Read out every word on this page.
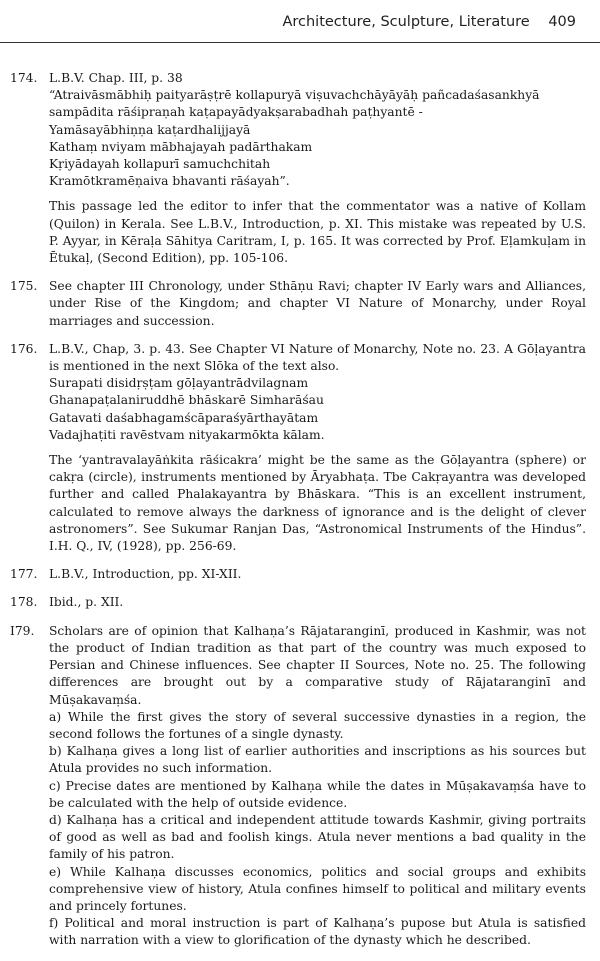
Architecture, Sculpture, Literature 409
174. L.B.V. Chap. III, p. 38
“Atraivāsmābhiḥ paityarāṣṭrē kollapuryā viṣuvachchāyāyāḥ pañcadaśasankhyā
sampādita rāśipraṇah kaṭapayādyakṣarabadhah paṭhyantē -
Yamāsayābhiṇṇa kaṭardhalijjayā
Kathaṃ nviyam mābhajayah padārthakam
Kṛiyādayah kollapurī samuchchitah
Kramōtkramēṇaiva bhavanti rāśayah”.

This passage led the editor to infer that the commentator was a native of Kollam (Quilon) in Kerala. See L.B.V., Introduction, p. XI. This mistake was repeated by U.S. P. Ayyar, in Kēraḷa Sāhitya Caritram, I, p. 165. It was corrected by Prof. Eḷamkuḷam in Ētukaḷ, (Second Edition), pp. 105-106.

175. See chapter III Chronology, under Sthāṇu Ravi; chapter IV Early wars and Alliances, under Rise of the Kingdom; and chapter VI Nature of Monarchy, under Royal marriages and succession.

176. L.B.V., Chap, 3. p. 43. See Chapter VI Nature of Monarchy, Note no. 23. A Gōḷayantra is mentioned in the next Slōka of the text also.

Surapati disidṛṣṭam gōḷayantrādvilagnam
Ghanapaṭalaniruddhē bhāskarē Simharāśau
Gatavati daśabhagamścāparaśyārthayātam
Vadajhaṭiti ravēstvam nityakarmōkta kālam.

The ‘yantravalayāṅkita rāśicakra’ might be the same as the Gōḷayantra (sphere) or cakṛa (circle), instruments mentioned by Āryabhaṭa. Tbe Cakṛayantra was developed further and called Phalakayantra by Bhāskara. “This is an excellent instrument, calculated to remove always the darkness of ignorance and is the delight of clever astronomers”. See Sukumar Ranjan Das, “Astronomical Instruments of the Hindus”. I.H. Q., IV, (1928), pp. 256-69.

177. L.B.V., Introduction, pp. XI-XII.

178. Ibid., p. XII.

I79. Scholars are of opinion that Kalhaṇa’s Rājataranginī, produced in Kashmir, was not the product of Indian tradition as that part of the country was much exposed to Persian and Chinese influences. See chapter II Sources, Note no. 25. The following differences are brought out by a comparative study of Rājataranginī and Mūṣakavaṃśa.

a) While the first gives the story of several successive dynasties in a region, the second follows the fortunes of a single dynasty.

b) Kalhaṇa gives a long list of earlier authorities and inscriptions as his sources but Atula provides no such information.

c) Precise dates are mentioned by Kalhaṇa while the dates in Mūṣakavaṃśa have to be calculated with the help of outside evidence.

d) Kalhaṇa has a critical and independent attitude towards Kashmir, giving portraits of good as well as bad and foolish kings. Atula never mentions a bad quality in the family of his patron.

e) While Kalhaṇa discusses economics, politics and social groups and exhibits comprehensive view of history, Atula confines himself to political and military events and princely fortunes.

f) Political and moral instruction is part of Kalhaṇa’s pupose but Atula is satisfied with narration with a view to glorification of the dynasty which he described.
